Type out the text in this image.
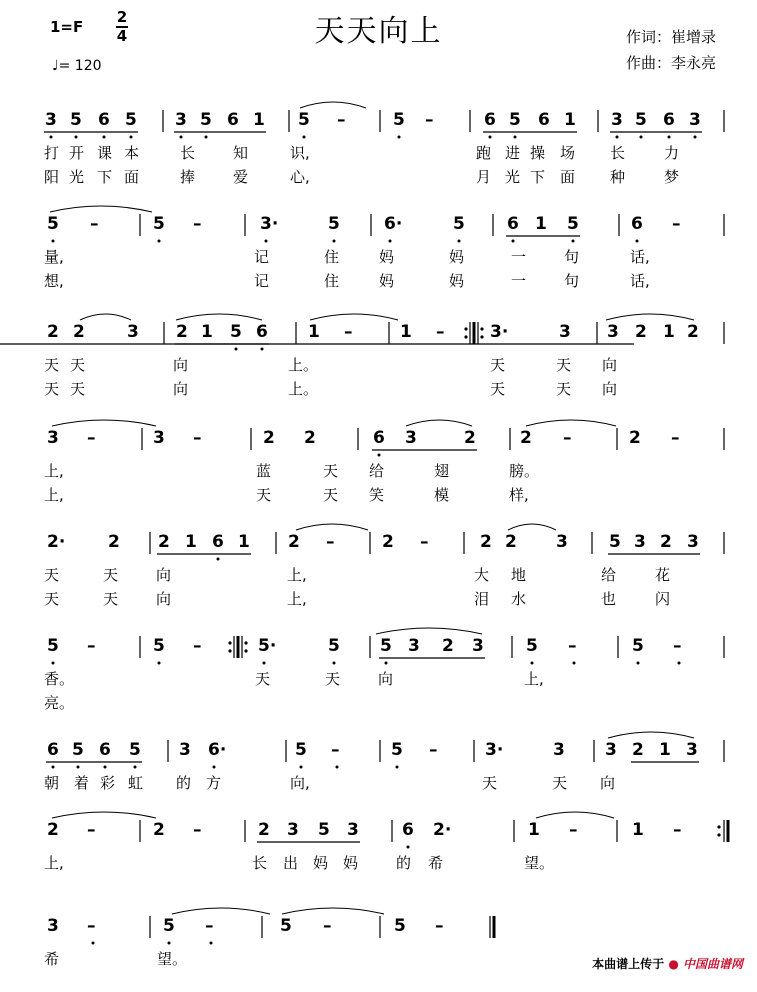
天天向上
1=F
2
4
♩= 120
作词：崔增录
作曲：李永亮
3 5 6 5 3 5 6 1 5 –	5 –	6 5 6 1 3 5 6 3
打 开 课 本	长	知	识,	跑 进 操 场 长	力
阳 光 下 面	捧	爱	心,	月 光 下 面 种	梦
5 –	5 –	3·	5	6·	5 6 1 5	6 –
量,	记	住	妈	妈	一	句	话,
想,	记	住	妈	妈	一	句	话,
2 2 3 2 1 5 6 1 –	1 –	3·	3 3 2 1 2
天 天	向	上。	天	天 向
天 天	向	上。	天	天 向
3 –	3 –	2 2	6 3	2	2 –	2 –
上,	蓝	天 给	翅	膀。
上,	天	天 笑	模	样,
2·	2 2 1 6 1 2 –	2 –	2 2 3 5 3 2 3
天	天	向	上,	大 地	给	花
天	天	向	上,	泪 水	也	闪
5 –	5 –	5·	5 5 3 2 3 5 –	5 –
香。	天	天	向	上,
亮。
6 5 6 5 3 6·	5 –	5 –	3·	3 3 2 1 3
朝 着 彩 虹 的 方	向,	天	天 向
2 –	2 –	2 3 5 3	6 2·	1 –	1 –
上,	长 出 妈 妈	的 希	望。
3 –	5 –	5 –	5 –
希	望。	本曲谱上传于 ● 中国曲谱网
